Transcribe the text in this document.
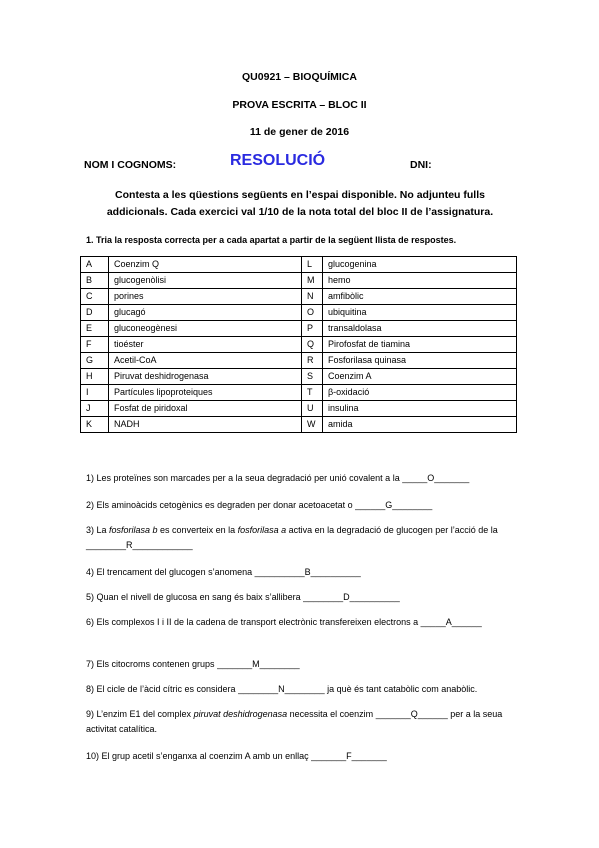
QU0921 – BIOQUÍMICA
PROVA ESCRITA – BLOC II
11 de gener de 2016
NOM I COGNOMS:	RESOLUCIÓ	DNI:
Contesta a les qüestions següents en l’espai disponible. No adjunteu fulls
addicionals. Cada exercici val 1/10 de la nota total del bloc II de l’assignatura.
1. Tria la resposta correcta per a cada apartat a partir de la següent llista de respostes.
A	Coenzim Q	L	glucogenina
B	glucogenòlisi	M	hemo
C	porines	N	amfibòlic
D	glucagó	O	ubiquitina
E	gluconeogènesi	P	transaldolasa
F	tioéster	Q	Pirofosfat de tiamina
G	Acetil-CoA	R	Fosforilasa quinasa
H	Piruvat deshidrogenasa	S	Coenzim A
I	Partícules lipoproteiques	T	β-oxidació
J	Fosfat de piridoxal	U	insulina
K	NADH	W	amida
1) Les proteïnes son marcades per a la seua degradació per unió covalent a la _____O_______
2) Els aminoàcids cetogènics es degraden per donar acetoacetat o ______G________
3) La fosforilasa b es converteix en la fosforilasa a activa en la degradació de glucogen per l’acció de la ________R____________
4) El trencament del glucogen s’anomena __________B__________
5) Quan el nivell de glucosa en sang és baix s’allibera ________D__________
6) Els complexos I i II de la cadena de transport electrònic transfereixen electrons a _____A______
7) Els citocroms contenen grups _______M________
8) El cicle de l’àcid cítric es considera ________N________ ja què és tant catabòlic com anabòlic.
9) L’enzim E1 del complex piruvat deshidrogenasa necessita el coenzim _______Q______ per a la seua activitat catalítica.
10) El grup acetil s’enganxa al coenzim A amb un enllaç _______F_______
